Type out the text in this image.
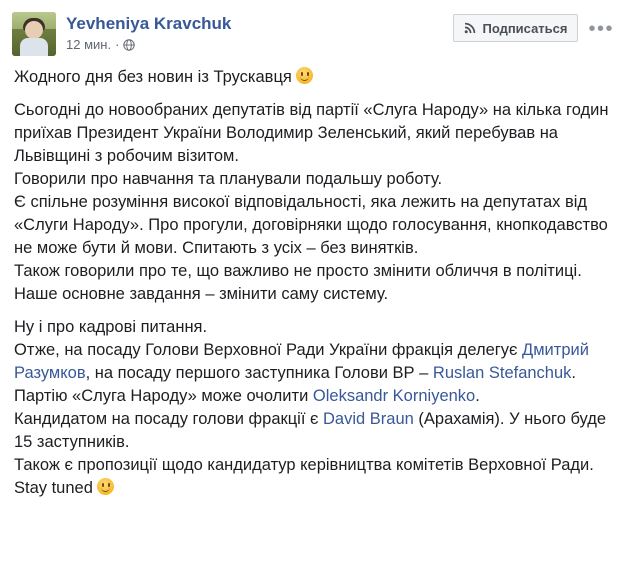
Yevheniya Kravchuk
12 мин. ·
Подписаться •••

Жодного дня без новин із Трускавця

Сьогодні до новообраних депутатів від партії «Слуга Народу» на кілька годин приїхав Президент України Володимир Зеленський, який перебував на Львівщині з робочим візитом.

Говорили про навчання та планували подальшу роботу.

Є спільне розуміння високої відповідальності, яка лежить на депутатах від «Слуги Народу». Про прогули, договірняки щодо голосування, кнопкодавство не може бути й мови. Спитають з усіх – без винятків.

Також говорили про те, що важливо не просто змінити обличчя в політиці. Наше основне завдання – змінити саму систему.

Ну і про кадрові питання.

Отже, на посаду Голови Верховної Ради України фракція делегує Дмитрий Разумков, на посаду першого заступника Голови ВР – Ruslan Stefanchuk.

Партію «Слуга Народу» може очолити Oleksandr Korniyenko.

Кандидатом на посаду голови фракції є David Braun (Арахамія). У нього буде 15 заступників.

Також є пропозиції щодо кандидатур керівництва комітетів Верховної Ради.

Stay tuned
